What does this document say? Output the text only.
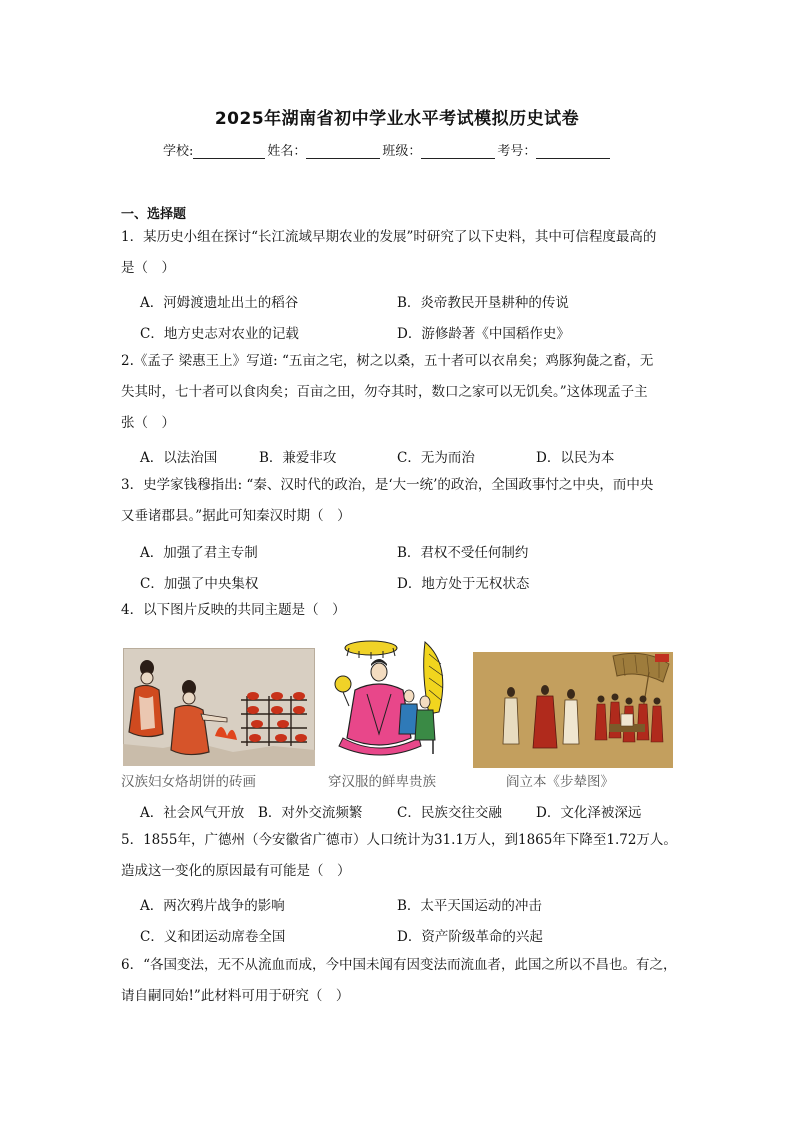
2025年湖南省初中学业水平考试模拟历史试卷
学校:	姓名：	班级：	考号：
一、选择题
1．某历史小组在探讨“长江流域早期农业的发展”时研究了以下史料，其中可信程度最高的
是（　）
A．河姆渡遗址出土的稻谷	B．炎帝教民开垦耕种的传说
C．地方史志对农业的记载	D．游修龄著《中国稻作史》
2.《孟子 梁惠王上》写道: “五亩之宅，树之以桑，五十者可以衣帛矣；鸡豚狗彘之畜，无
失其时，七十者可以食肉矣；百亩之田，勿夺其时，数口之家可以无饥矣。”这体现孟子主
张（　）
A．以法治国	B．兼爱非攻	C．无为而治	D．以民为本
3．史学家钱穆指出: “秦、汉时代的政治，是‘大一统’的政治，全国政事忖之中央，而中央
又垂诸郡县。”据此可知秦汉时期（　）
A．加强了君主专制	B．君权不受任何制约
C．加强了中央集权	D．地方处于无权状态
4．以下图片反映的共同主题是（　）
汉族妇女烙胡饼的砖画	穿汉服的鲜卑贵族	阎立本《步辇图》
A．社会风气开放 B．对外交流频繁	C．民族交往交融	D．文化泽被深远
5．1855年，广德州（今安徽省广德市）人口统计为31.1万人，到1865年下降至1.72万人。
造成这一变化的原因最有可能是（　）
A．两次鸦片战争的影响	B．太平天国运动的冲击
C．义和团运动席卷全国	D．资产阶级革命的兴起
6．“各国变法，无不从流血而成，今中国未闻有因变法而流血者，此国之所以不昌也。有之，
请自嗣同始!”此材料可用于研究（　）
